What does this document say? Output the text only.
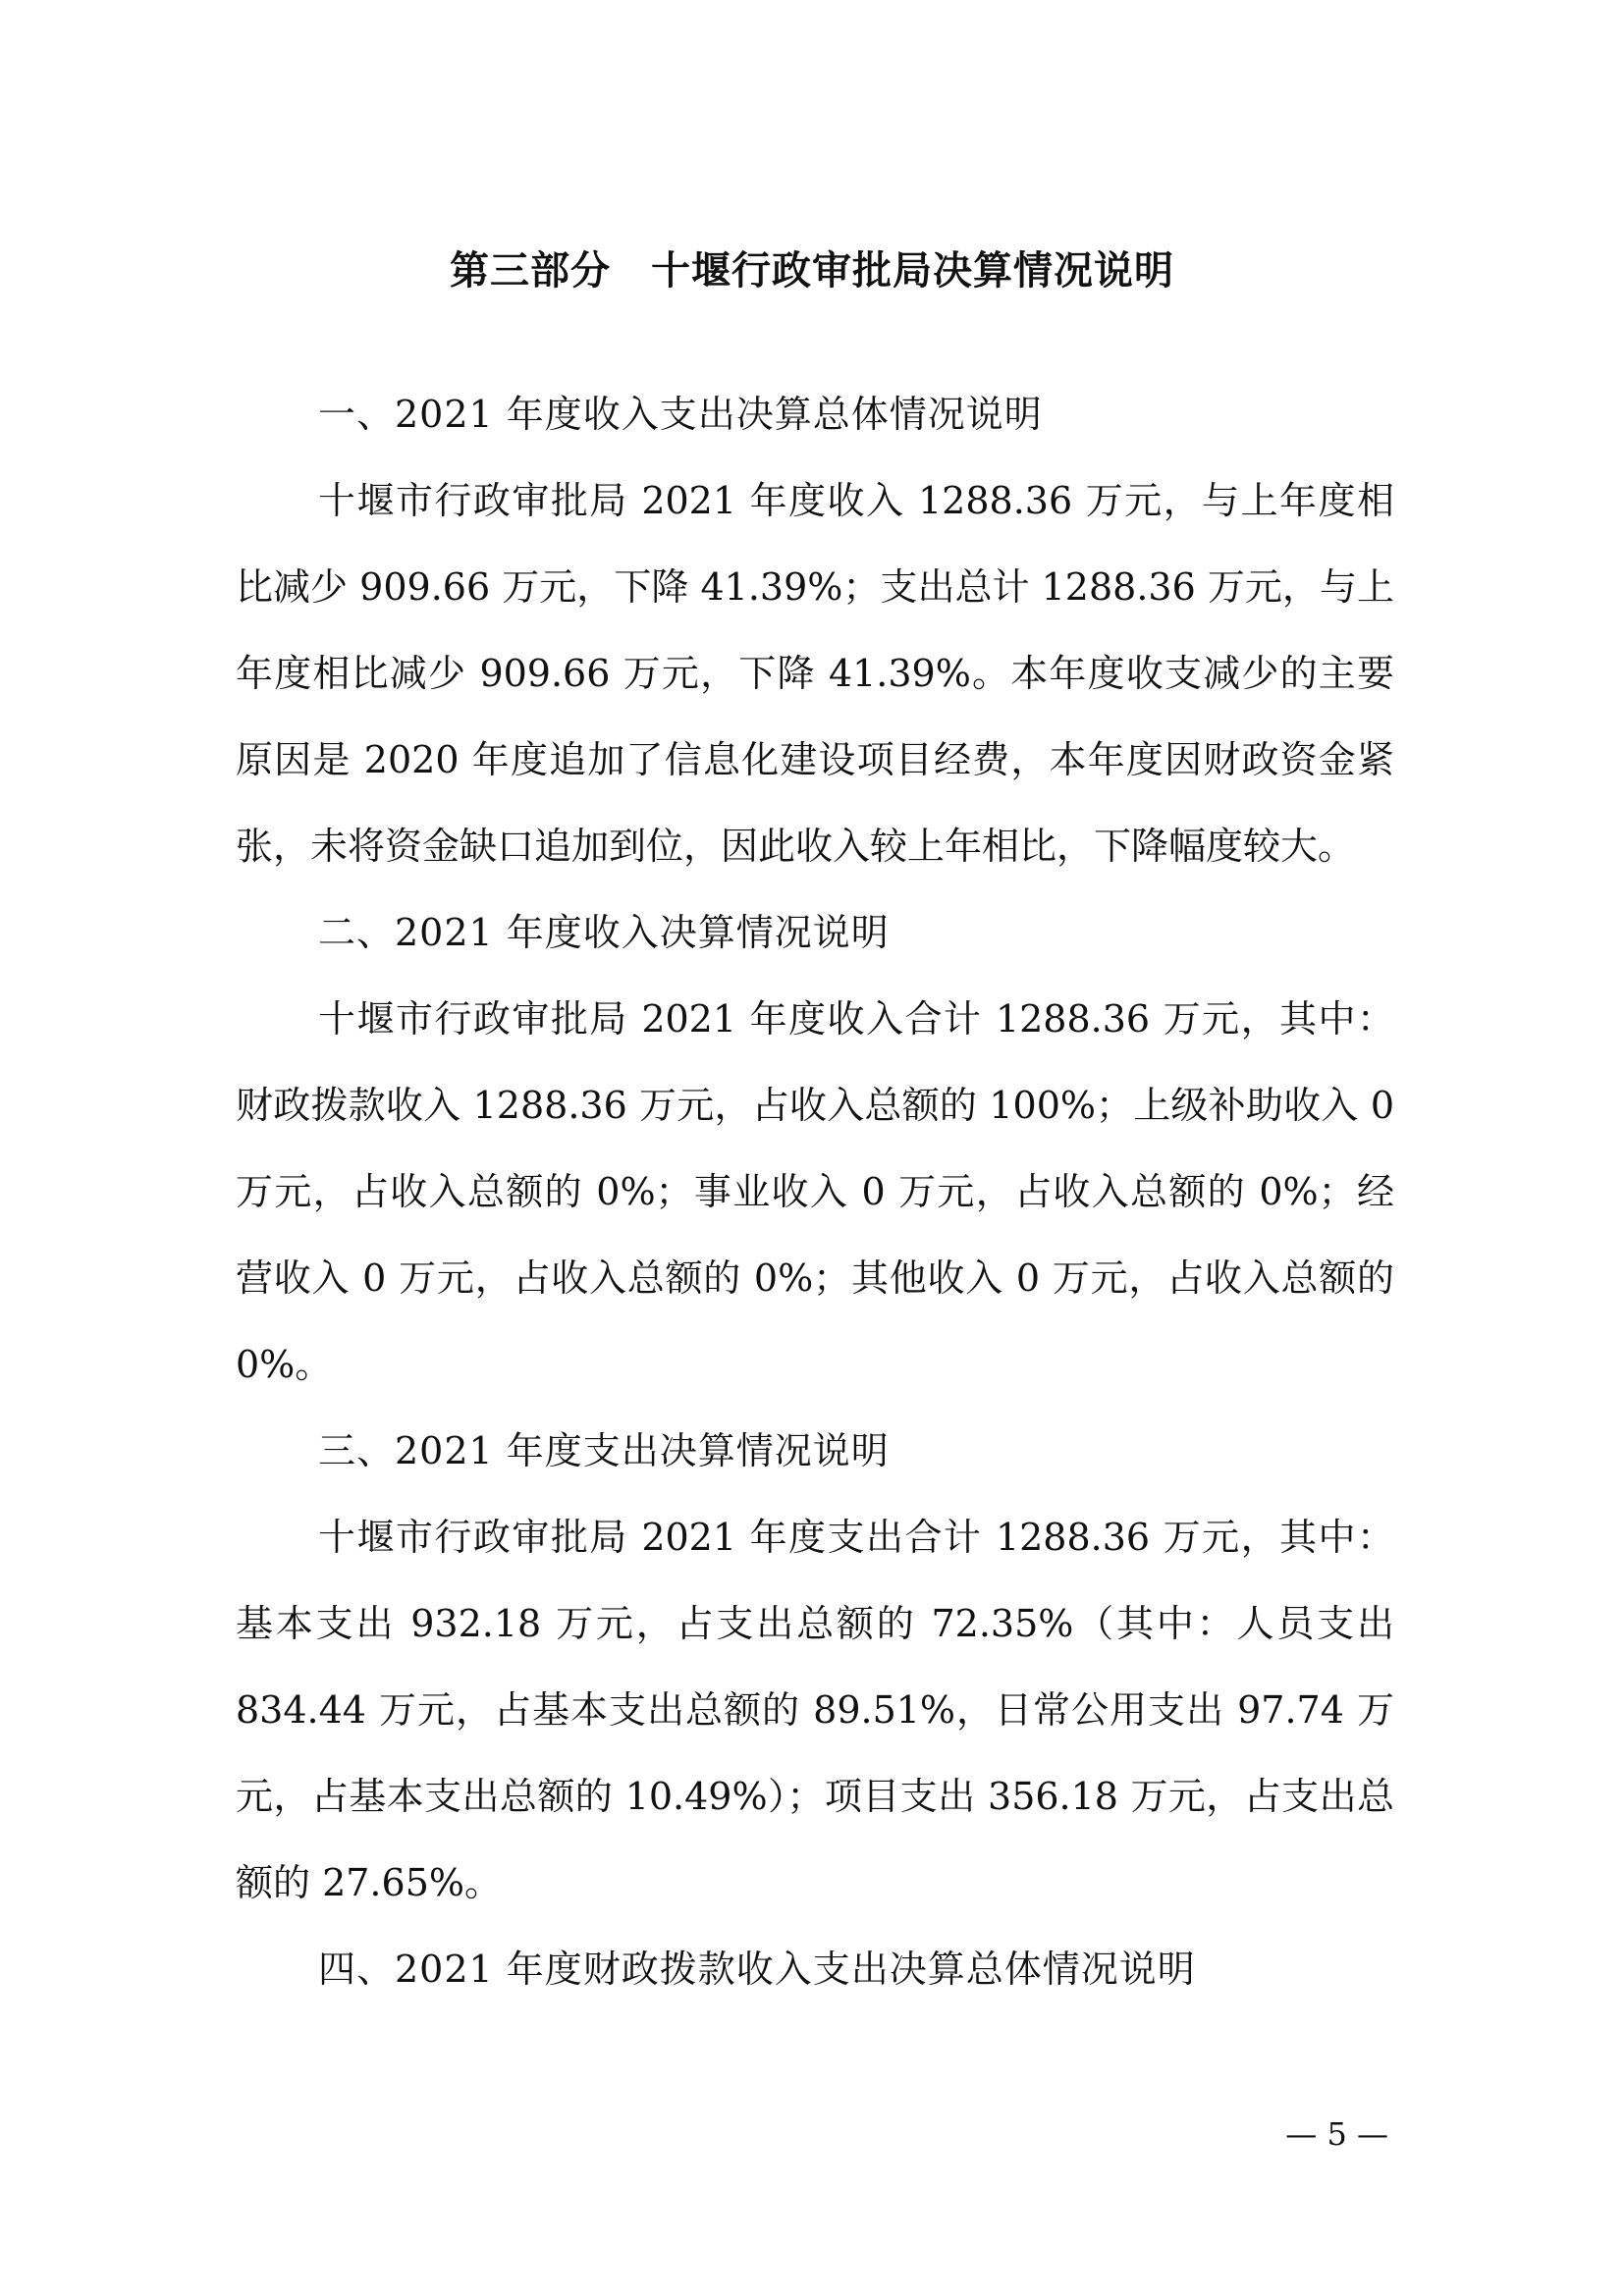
第三部分　十堰行政审批局决算情况说明

一、2021 年度收入支出决算总体情况说明

十堰市行政审批局 2021 年度收入 1288.36 万元，与上年度相比减少 909.66 万元，下降 41.39%；支出总计 1288.36 万元，与上年度相比减少 909.66 万元，下降 41.39%。本年度收支减少的主要原因是 2020 年度追加了信息化建设项目经费，本年度因财政资金紧张，未将资金缺口追加到位，因此收入较上年相比，下降幅度较大。

二、2021 年度收入决算情况说明

十堰市行政审批局 2021 年度收入合计 1288.36 万元，其中：财政拨款收入 1288.36 万元，占收入总额的 100%；上级补助收入 0 万元，占收入总额的 0%；事业收入 0 万元，占收入总额的 0%；经营收入 0 万元，占收入总额的 0%；其他收入 0 万元，占收入总额的 0%。

三、2021 年度支出决算情况说明

十堰市行政审批局 2021 年度支出合计 1288.36 万元，其中：基本支出 932.18 万元，占支出总额的 72.35%（其中：人员支出 834.44 万元，占基本支出总额的 89.51%，日常公用支出 97.74 万元，占基本支出总额的 10.49%）；项目支出 356.18 万元，占支出总额的 27.65%。

四、2021 年度财政拨款收入支出决算总体情况说明

— 5 —
